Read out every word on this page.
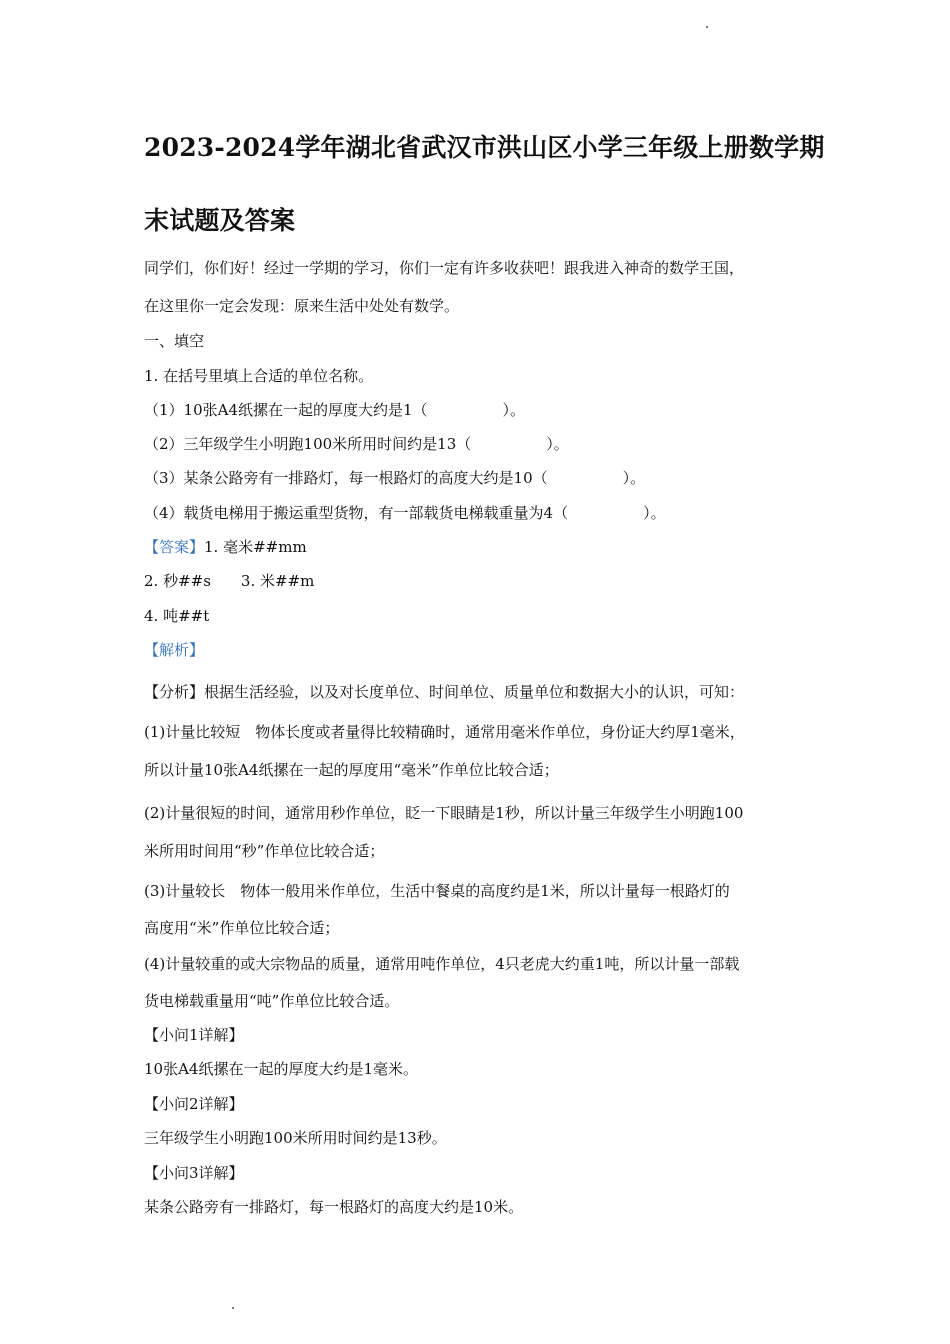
2023-2024学年湖北省武汉市洪山区小学三年级上册数学期
末试题及答案
同学们，你们好！经过一学期的学习，你们一定有许多收获吧！跟我进入神奇的数学王国，
在这里你一定会发现：原来生活中处处有数学。
一、填空
1. 在括号里填上合适的单位名称。
（1）10张A4纸摞在一起的厚度大约是1（　　　　　）。
（2）三年级学生小明跑100米所用时间约是13（　　　　　）。
（3）某条公路旁有一排路灯，每一根路灯的高度大约是10（　　　　　）。
（4）载货电梯用于搬运重型货物，有一部载货电梯载重量为4（　　　　　）。
【答案】1. 毫米##mm
2. 秒##s　　3. 米##m
4. 吨##t
【解析】
【分析】根据生活经验，以及对长度单位、时间单位、质量单位和数据大小的认识，可知：
(1)计量比较短　物体长度或者量得比较精确时，通常用毫米作单位，身份证大约厚1毫米，
所以计量10张A4纸摞在一起的厚度用“毫米”作单位比较合适；
(2)计量很短的时间，通常用秒作单位，眨一下眼睛是1秒，所以计量三年级学生小明跑100
米所用时间用“秒”作单位比较合适；
(3)计量较长　物体一般用米作单位，生活中餐桌的高度约是1米，所以计量每一根路灯的
高度用“米”作单位比较合适；
(4)计量较重的或大宗物品的质量，通常用吨作单位，4只老虎大约重1吨，所以计量一部载
货电梯载重量用“吨”作单位比较合适。
【小问1详解】
10张A4纸摞在一起的厚度大约是1毫米。
【小问2详解】
三年级学生小明跑100米所用时间约是13秒。
【小问3详解】
某条公路旁有一排路灯，每一根路灯的高度大约是10米。
